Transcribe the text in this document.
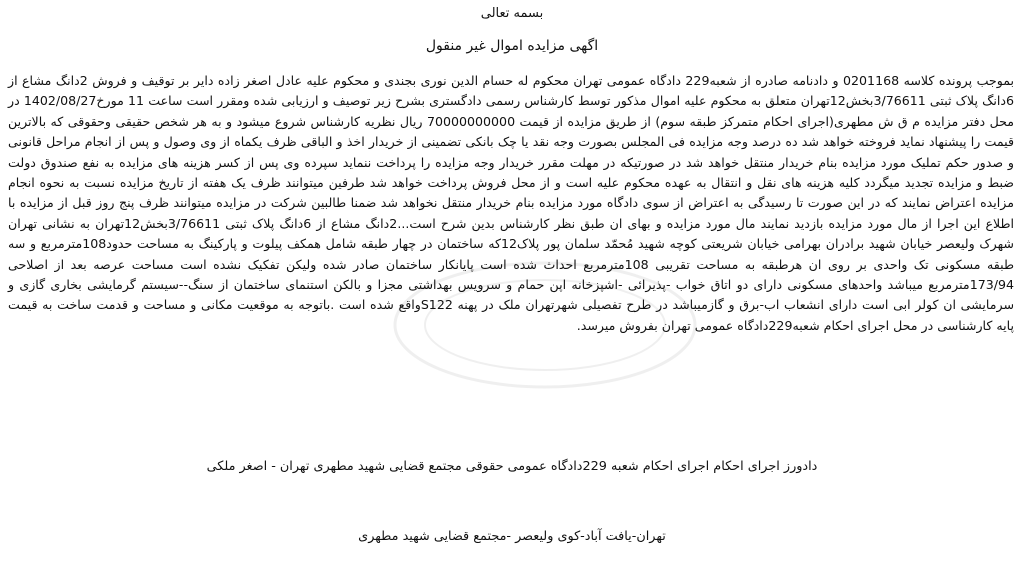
بسمه تعالی

اگهی مزایده اموال غیر منقول

بموجب پرونده کلاسه 0201168 و دادنامه صادره از شعبه229 دادگاه عمومی تهران محکوم له حسام الدین نوری بجندی و محکوم علیه عادل اصغر زاده دایر بر توقیف و فروش 2دانگ مشاع از 6دانگ پلاک ثبتی 3/76611بخش12تهران متعلق به محکوم علیه اموال مذکور توسط کارشناس رسمی دادگستری بشرح زیر توصیف و ارزیابی شده ومقرر است ساعت 11 مورخ1402/08/27 در محل دفتر مزایده م ق ش مطهری(اجرای احکام متمرکز طبقه سوم) از طریق مزایده از قیمت 70000000000 ریال نظریه کارشناس شروع میشود و به هر شخص حقیقی وحقوقی که بالاترین قیمت را پیشنهاد نماید فروخته خواهد شد ده درصد وجه مزایده فی المجلس بصورت وجه نقد یا چک بانکی تضمینی از خریدار اخذ و الباقی ظرف یکماه از وی وصول و پس از انجام مراحل قانونی و صدور حکم تملیک مورد مزایده بنام خریدار منتقل خواهد شد در صورتیکه در مهلت مقرر خریدار وجه مزایده را پرداخت ننماید سپرده وی پس از کسر هزینه های مزایده به نفع صندوق دولت ضبط و مزایده تجدید میگردد کلیه هزینه های نقل و انتقال به عهده محکوم علیه است و از محل فروش پرداخت خواهد شد طرفین میتوانند ظرف یک هفته از تاریخ مزایده نسبت به نحوه انجام مزایده اعتراض نمایند که در این صورت تا رسیدگی به اعتراض از سوی دادگاه مورد مزایده بنام خریدار منتقل نخواهد شد ضمنا طالبین شرکت در مزایده میتوانند ظرف پنج روز قبل از مزایده با اطلاع این اجرا از مال مورد مزایده بازدید نمایند مال مورد مزایده و بهای ان طبق نظر کارشناس بدین شرح است...2دانگ مشاع از 6دانگ پلاک ثبتی 3/76611بخش12تهران به نشانی تهران شهرک ولیعصر خیابان شهید برادران بهرامی خیابان شریعتی کوچه شهید مُحمّد سلمان پور پلاک12که ساختمان در چهار طبقه شامل همکف پیلوت و پارکینگ به مساحت حدود108مترمربع و سه طبقه مسکونی تک واحدی بر روی ان هرطبقه به مساحت تقریبی 108مترمربع احداث شده است پایانکار ساختمان صادر شده ولیکن تفکیک نشده است مساحت عرصه بعد از اصلاحی 173/94مترمربع میباشد واحدهای مسکونی دارای دو اتاق خواب -پذیرائی -اشپزخانه اپن حمام و سرویس بهداشتی مجزا و بالکن استنمای ساختمان از سنگ--سیستم گرمایشی بخاری گازی و سرمایشی ان کولر ابی است دارای انشعاب اب-برق و گازمیباشد در طرح تفصیلی شهرتهران ملک در پهنه S122واقع شده است .باتوجه به موقعیت مکانی و مساحت و قدمت ساخت به قیمت پایه کارشناسی در محل اجرای احکام شعبه229دادگاه عمومی تهران بفروش میرسد.

دادورز اجرای احکام اجرای احکام شعبه 229دادگاه عمومی حقوقی مجتمع قضایی شهید مطهری تهران - اصغر ملکی

تهران-یافت آباد-کوی ولیعصر -مجتمع قضایی شهید مطهری
